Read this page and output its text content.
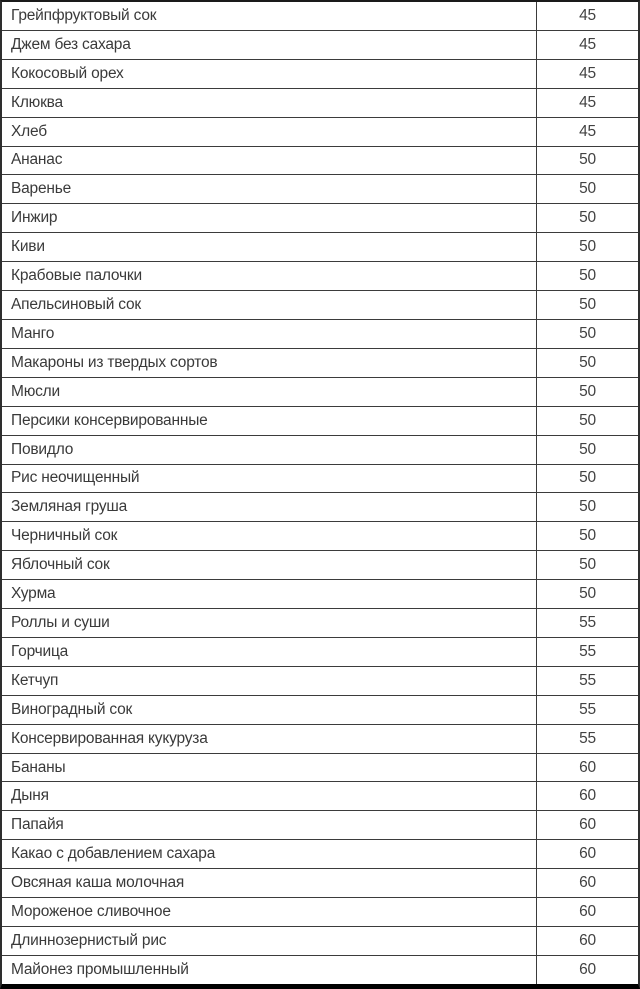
Грейпфруктовый сок	45
Джем без сахара	45
Кокосовый орех	45
Клюква	45
Хлеб	45
Ананас	50
Варенье	50
Инжир	50
Киви	50
Крабовые палочки	50
Апельсиновый сок	50
Манго	50
Макароны из твердых сортов	50
Мюсли	50
Персики консервированные	50
Повидло	50
Рис неочищенный	50
Земляная груша	50
Черничный сок	50
Яблочный сок	50
Хурма	50
Роллы и суши	55
Горчица	55
Кетчуп	55
Виноградный сок	55
Консервированная кукуруза	55
Бананы	60
Дыня	60
Папайя	60
Какао с добавлением сахара	60
Овсяная каша молочная	60
Мороженое сливочное	60
Длиннозернистый рис	60
Майонез промышленный	60
